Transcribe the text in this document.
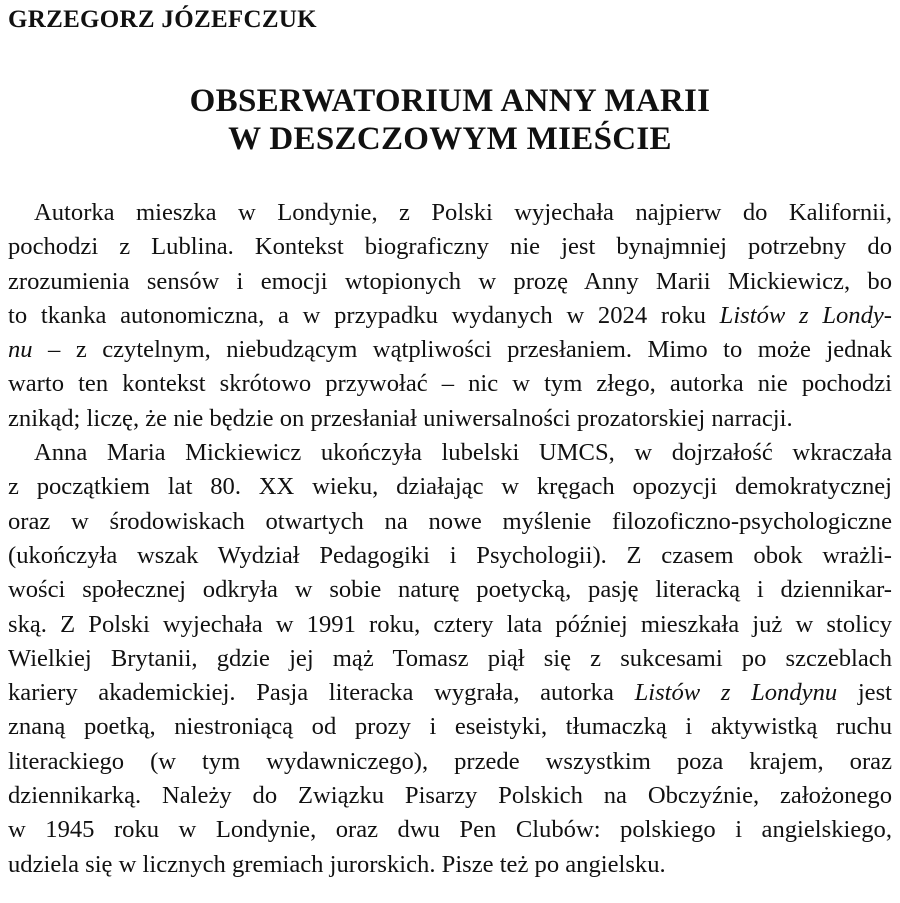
GRZEGORZ JÓZEFCZUK
OBSERWATORIUM ANNY MARII
W DESZCZOWYM MIEŚCIE
Autorka mieszka w Londynie, z Polski wyjechała najpierw do Kalifornii,
pochodzi z Lublina. Kontekst biograficzny nie jest bynajmniej potrzebny do
zrozumienia sensów i emocji wtopionych w prozę Anny Marii Mickiewicz, bo
to tkanka autonomiczna, a w przypadku wydanych w 2024 roku Listów z Londy-
nu – z czytelnym, niebudzącym wątpliwości przesłaniem. Mimo to może jednak
warto ten kontekst skrótowo przywołać – nic w tym złego, autorka nie pochodzi
znikąd; liczę, że nie będzie on przesłaniał uniwersalności prozatorskiej narracji.
Anna Maria Mickiewicz ukończyła lubelski UMCS, w dojrzałość wkraczała
z początkiem lat 80. XX wieku, działając w kręgach opozycji demokratycznej
oraz w środowiskach otwartych na nowe myślenie filozoficzno-psychologiczne
(ukończyła wszak Wydział Pedagogiki i Psychologii). Z czasem obok wrażli-
wości społecznej odkryła w sobie naturę poetycką, pasję literacką i dziennikar-
ską. Z Polski wyjechała w 1991 roku, cztery lata później mieszkała już w stolicy
Wielkiej Brytanii, gdzie jej mąż Tomasz piął się z sukcesami po szczeblach
kariery akademickiej. Pasja literacka wygrała, autorka Listów z Londynu jest
znaną poetką, niestroniącą od prozy i eseistyki, tłumaczką i aktywistką ruchu
literackiego (w tym wydawniczego), przede wszystkim poza krajem, oraz
dziennikarką. Należy do Związku Pisarzy Polskich na Obczyźnie, założonego
w 1945 roku w Londynie, oraz dwu Pen Clubów: polskiego i angielskiego,
udziela się w licznych gremiach jurorskich. Pisze też po angielsku.
